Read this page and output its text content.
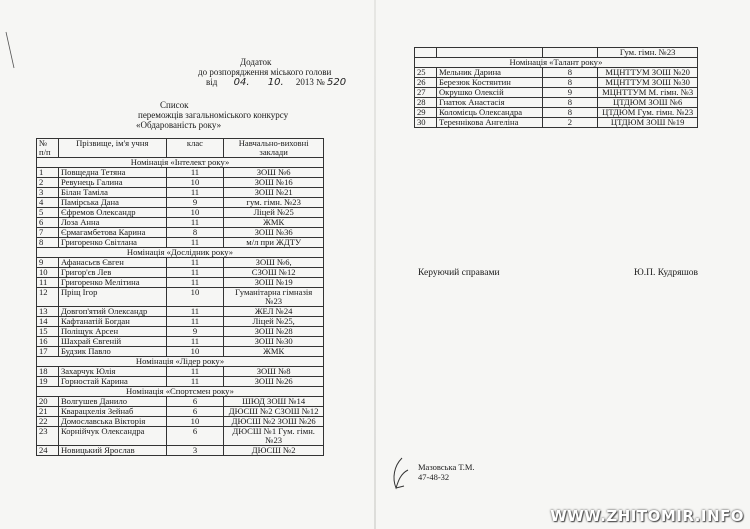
Додаток
до розпорядження міського голови
від 04. 10. 2013 № 520
Список
переможців загальноміського конкурсу
«Обдарованість року»
№ п/п	Прізвище, ім'я учня	клас	Навчально-виховні заклади
Номінація «Інтелект року»			
1	Повщедна Тетяна	11	ЗОШ №6
2	Ревунець Галина	10	ЗОШ №16
3	Білан Таміла	11	ЗОШ №21
4	Памірська Дана	9	гум. гімн. №23
5	Єфремов Олександр	10	Ліцей №25
6	Лоза Анна	11	ЖМК
7	Єрмагамбетова Карина	8	ЗОШ №36
8	Григоренко Світлана	11	м/л при ЖДТУ
Номінація «Дослідник року»			
9	Афанасьєв Євген	11	ЗОШ №6,
10	Григор'єв Лев	11	СЗОШ №12
11	Григоренко Мелітина	11	ЗОШ №19
12	Пріщ Ігор	10	Гуманітарна гімназія №23
13	Довгоп'ятий Олександр	11	ЖЕЛ №24
14	Кафтанатій Богдан	11	Ліцей №25,
15	Поліщук Арсен	9	ЗОШ №28
16	Шахрай Євгеній	11	ЗОШ №30
17	Будзик Павло	10	ЖМК
Номінація «Лідер року»			
18	Захарчук Юлія	11	ЗОШ №8
19	Горностай Карина	11	ЗОШ №26
Номінація «Спортсмен року»			
20	Волгушев Данило	6	ШЮД ЗОШ №14
21	Кварацхелія Зейнаб	6	ДЮСШ №2 СЗОШ №12
22	Домославська Вікторія	10	ДЮСШ №2 ЗОШ №26
23	Корнійчук Олександра	6	ДЮСШ №1 Гум. гімн. №23
24	Новицький Ярослав	3	ДЮСШ №2
			Гум. гімн. №23
Номінація «Талант року»			
25	Мельник Дарина	8	МЦНТТУМ ЗОШ №20
26	Березюк Костянтин	8	МЦНТТУМ ЗОШ №30
27	Окрушко Олексій	9	МЦНТТУМ М. гімн. №3
28	Гнатюк Анастасія	8	ЦТДЮМ ЗОШ №6
29	Коломієць Олександра	8	ЦТДЮМ Гум. гімн. №23
30	Тереннікова Ангеліна	2	ЦТДЮМ ЗОШ №19
Керуючий справами	Ю.П. Кудряшов
Мазовська Т.М.
47-48-32
WWW.ZHITOMIR.INFO
